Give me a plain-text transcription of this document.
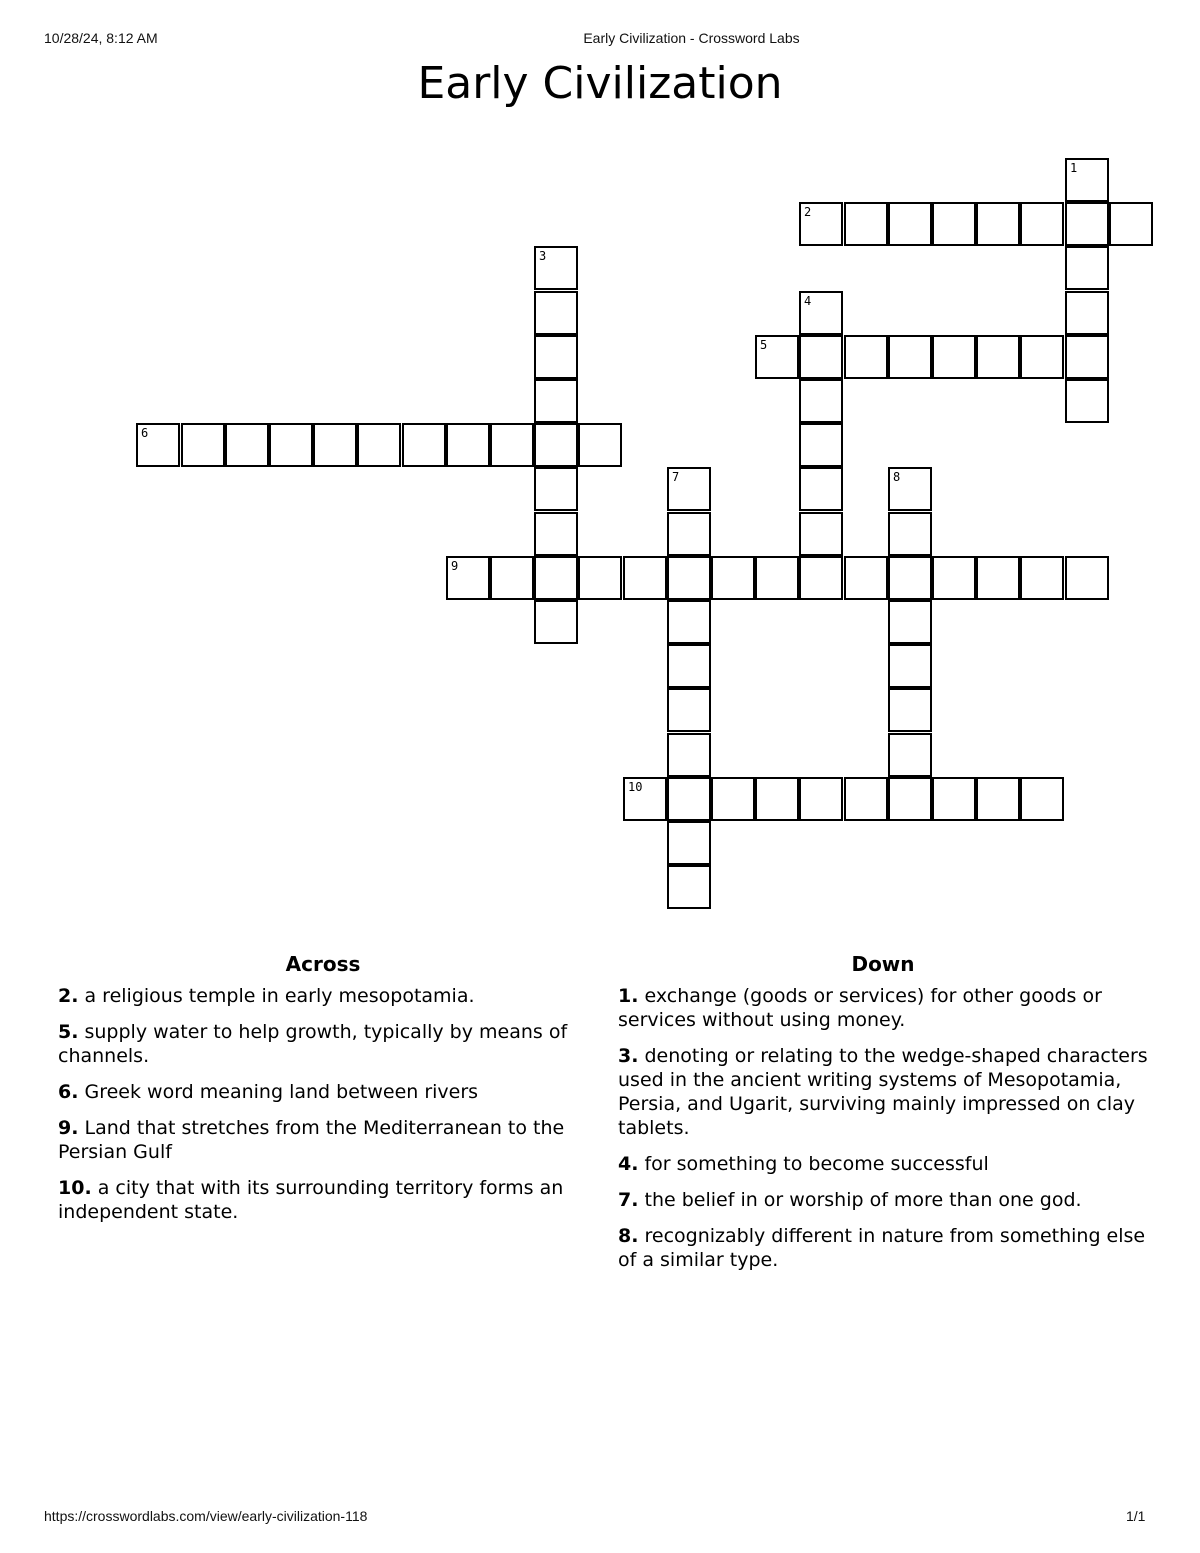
10/28/24, 8:12 AM	Early Civilization - Crossword Labs
Early Civilization
2
5
6
9
10
1
3
4
7	8
Across
2. a religious temple in early mesopotamia.
5. supply water to help growth, typically by means of channels.
6. Greek word meaning land between rivers
9. Land that stretches from the Mediterranean to the Persian Gulf
10. a city that with its surrounding territory forms an independent state.
Down
1. exchange (goods or services) for other goods or services without using money.
3. denoting or relating to the wedge-shaped characters used in the ancient writing systems of Mesopotamia, Persia, and Ugarit, surviving mainly impressed on clay tablets.
4. for something to become successful
7. the belief in or worship of more than one god.
8. recognizably different in nature from something else of a similar type.
https://crosswordlabs.com/view/early-civilization-118	1/1
